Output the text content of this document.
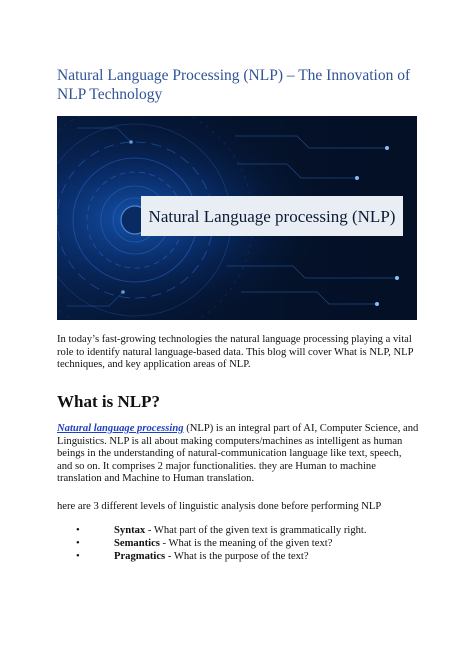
Natural Language Processing (NLP) – The Innovation of NLP Technology
Natural Language processing (NLP)

In today’s fast-growing technologies the natural language processing playing a vital role to identify natural language-based data. This blog will cover What is NLP, NLP techniques, and key application areas of NLP.

What is NLP?

Natural language processing (NLP) is an integral part of AI, Computer Science, and Linguistics. NLP is all about making computers/machines as intelligent as human beings in the understanding of natural-communication language like text, speech, and so on. It comprises 2 major functionalities. they are Human to machine translation and Machine to Human translation.

here are 3 different levels of linguistic analysis done before performing NLP

•	Syntax - What part of the given text is grammatically right.
•	Semantics - What is the meaning of the given text?
•	Pragmatics - What is the purpose of the text?
